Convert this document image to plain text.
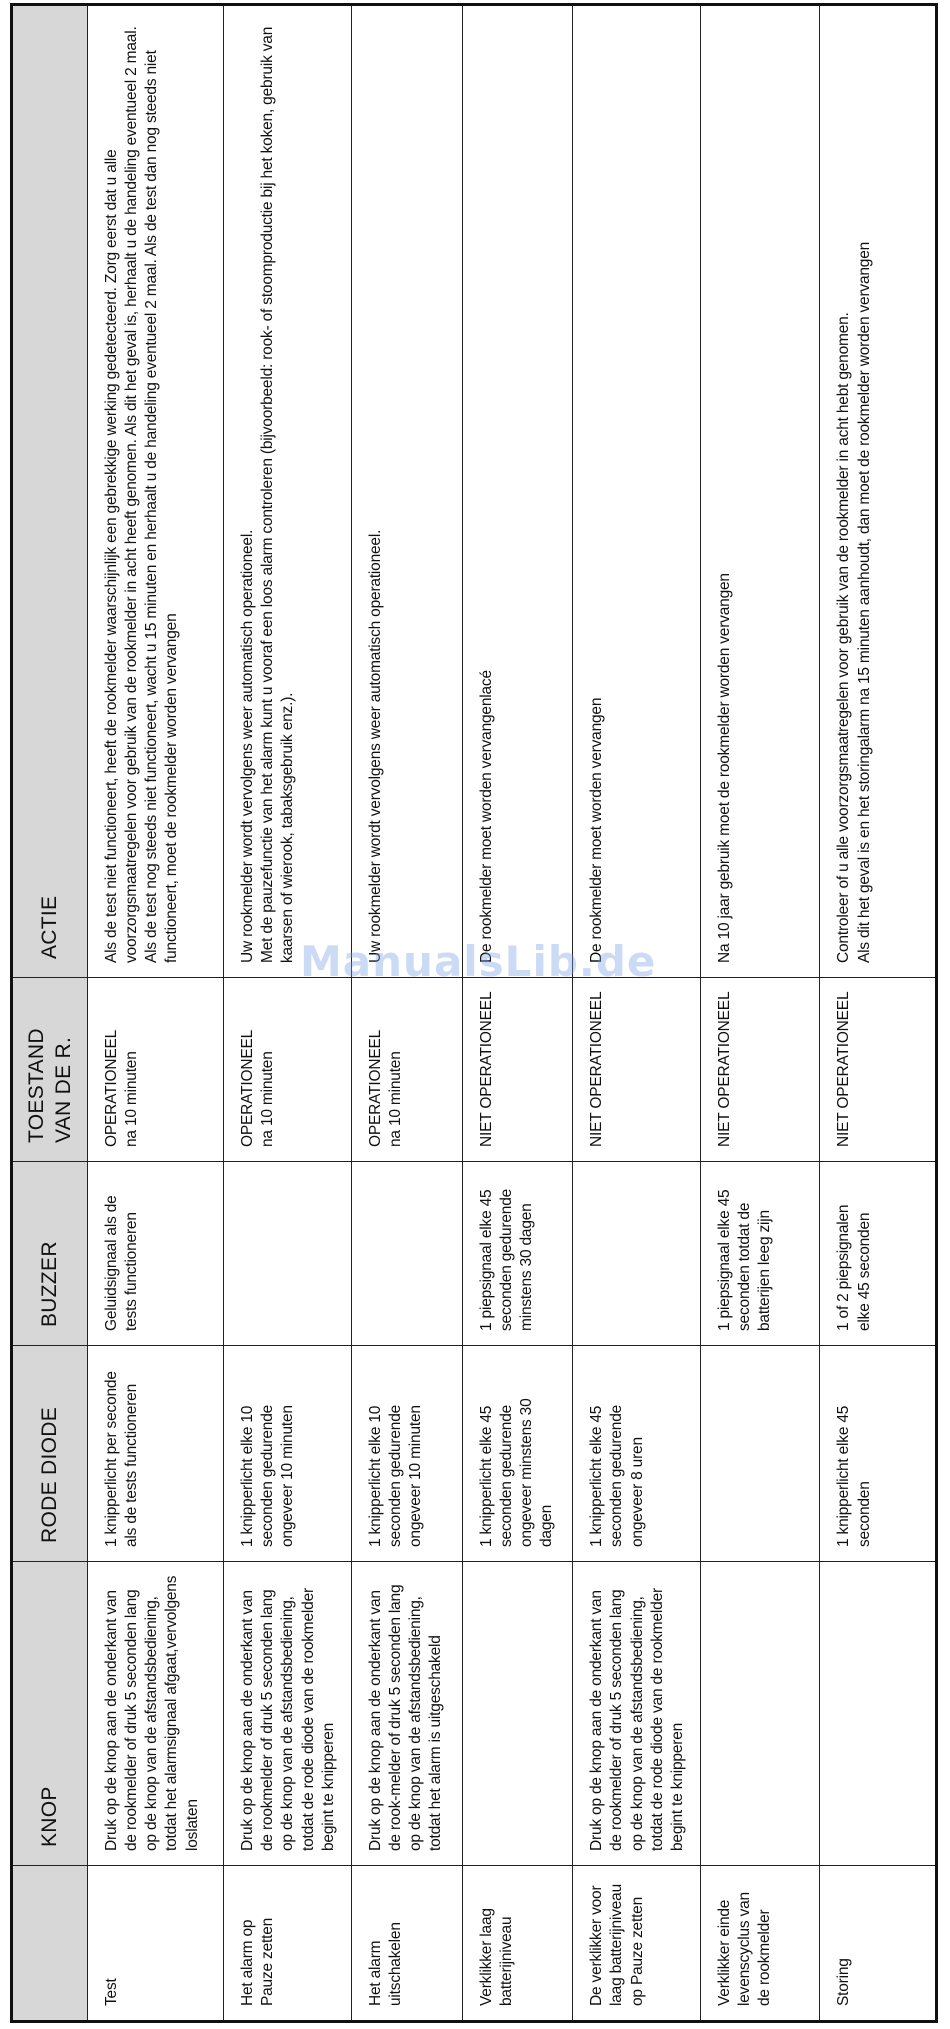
	KNOP	RODE DIODE	BUZZER	TOESTAND VAN DE R.	ACTIE
Test	Druk op de knop aan de onderkant van de rookmelder of druk 5 seconden lang op de knop van de afstandsbediening, totdat het alarmsignaal afgaat,vervolgens loslaten	1 knipperlicht per seconde als de tests functioneren	Geluidsignaal als de tests functioneren	OPERATIONEEL na 10 minuten	Als de test niet functioneert, heeft de rookmelder waarschijnlijk een gebrekkige werking gedetecteerd. Zorg eerst dat u alle voorzorgsmaatregelen voor gebruik van de rookmelder in acht heeft genomen. Als dit het geval is, herhaalt u de handeling eventueel 2 maal. Als de test nog steeds niet functioneert, wacht u 15 minuten en herhaalt u de handeling eventueel 2 maal. Als de test dan nog steeds niet functioneert, moet de rookmelder worden vervangen

Het alarm op Pauze zetten	Druk op de knop aan de onderkant van de rookmelder of druk 5 seconden lang op de knop van de afstandsbediening, totdat de rode diode van de rookmelder begint te knipperen	1 knipperlicht elke 10 seconden gedurende ongeveer 10 minuten		OPERATIONEEL na 10 minuten	Uw rookmelder wordt vervolgens weer automatisch operationeel. Met de pauzefunctie van het alarm kunt u vooraf een loos alarm controleren (bijvoorbeeld: rook- of stoomproductie bij het koken, gebruik van kaarsen of wierook, tabaksgebruik enz.).

Het alarm uitschakelen	Druk op de knop aan de onderkant van de rook-melder of druk 5 seconden lang op de knop van de afstandsbediening, totdat het alarm is uitgeschakeld	1 knipperlicht elke 10 seconden gedurende ongeveer 10 minuten		OPERATIONEEL na 10 minuten	Uw rookmelder wordt vervolgens weer automatisch operationeel.

Verklikker laag batterijniveau		1 knipperlicht elke 45 seconden gedurende ongeveer minstens 30 dagen	1 piepsignaal elke 45 seconden gedurende minstens 30 dagen	NIET OPERATIONEEL	De rookmelder moet worden vervangenlacé

De verklikker voor laag batterijniveau op Pauze zetten	Druk op de knop aan de onderkant van de rookmelder of druk 5 seconden lang op de knop van de afstandsbediening, totdat de rode diode van de rookmelder begint te knipperen	1 knipperlicht elke 45 seconden gedurende ongeveer 8 uren		NIET OPERATIONEEL	De rookmelder moet worden vervangen

Verklikker einde levenscyclus van de rookmelder			1 piepsignaal elke 45 seconden totdat de batterijen leeg zijn	NIET OPERATIONEEL	Na 10 jaar gebruik moet de rookmelder worden vervangen

Storing		1 knipperlicht elke 45 seconden	1 of 2 piepsignalen elke 45 seconden	NIET OPERATIONEEL	Controleer of u alle voorzorgsmaatregelen voor gebruik van de rookmelder in acht hebt genomen. Als dit het geval is en het storingalarm na 15 minuten aanhoudt, dan moet de rookmelder worden vervangen
ManualsLib.de
